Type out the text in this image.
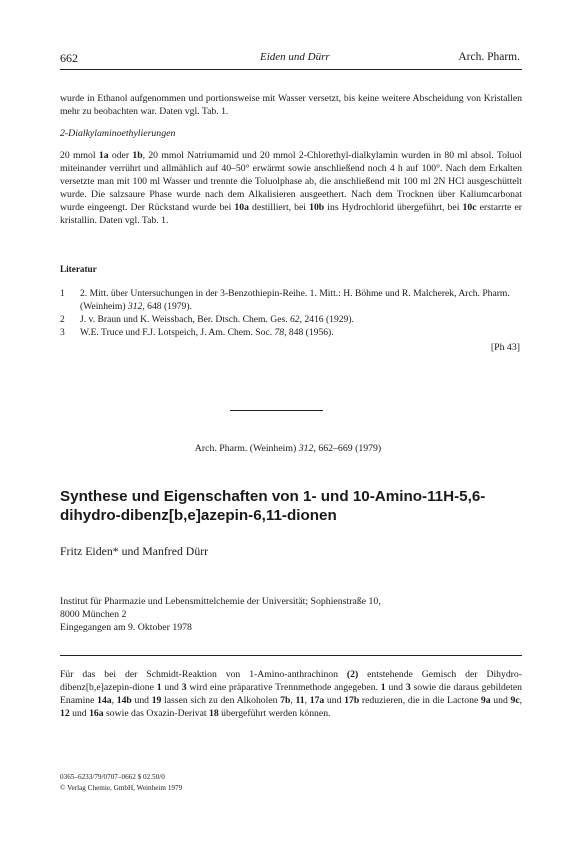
662	Eiden und Dürr	Arch. Pharm.
wurde in Ethanol aufgenommen und portionsweise mit Wasser versetzt, bis keine weitere Abscheidung von Kristallen mehr zu beobachten war. Daten vgl. Tab. 1.
2-Dialkylaminoethylierungen
20 mmol 1a oder 1b, 20 mmol Natriumamid und 20 mmol 2-Chlorethyl-dialkylamin wurden in 80 ml absol. Toluol miteinander verrührt und allmählich auf 40–50° erwärmt sowie anschließend noch 4 h auf 100°. Nach dem Erkalten versetzte man mit 100 ml Wasser und trennte die Toluolphase ab, die anschließend mit 100 ml 2N HCl ausgeschüttelt wurde. Die salzsaure Phase wurde nach dem Alkalisieren ausgeethert. Nach dem Trocknen über Kaliumcarbonat wurde eingeengt. Der Rückstand wurde bei 10a destilliert, bei 10b ins Hydrochlorid übergeführt, bei 10c erstarrte er kristallin. Daten vgl. Tab. 1.
Literatur
1 2. Mitt. über Untersuchungen in der 3-Benzothiepin-Reihe. 1. Mitt.: H. Böhme und R. Malcherek, Arch. Pharm. (Weinheim) 312, 648 (1979).
2 J. v. Braun und K. Weissbach, Ber. Dtsch. Chem. Ges. 62, 2416 (1929).
3 W.E. Truce und F.J. Lotspeich, J. Am. Chem. Soc. 78, 848 (1956).
[Ph 43]
Arch. Pharm. (Weinheim) 312, 662–669 (1979)
Synthese und Eigenschaften von 1- und 10-Amino-11H-5,6-dihydro-dibenz[b,e]azepin-6,11-dionen
Fritz Eiden* und Manfred Dürr
Institut für Pharmazie und Lebensmittelchemie der Universität; Sophienstraße 10,
8000 München 2
Eingegangen am 9. Oktober 1978
Für das bei der Schmidt-Reaktion von 1-Amino-anthrachinon (2) entstehende Gemisch der Dihydro-dibenz[b,e]azepin-dione 1 und 3 wird eine präparative Trennmethode angegeben. 1 und 3 sowie die daraus gebildeten Enamine 14a, 14b und 19 lassen sich zu den Alkoholen 7b, 11, 17a und 17b reduzieren, die in die Lactone 9a und 9c, 12 und 16a sowie das Oxazin-Derivat 18 übergeführt werden können.
0365–6233/79/0707–0662 $ 02.50/0
© Verlag Chemie, GmbH, Weinheim 1979
